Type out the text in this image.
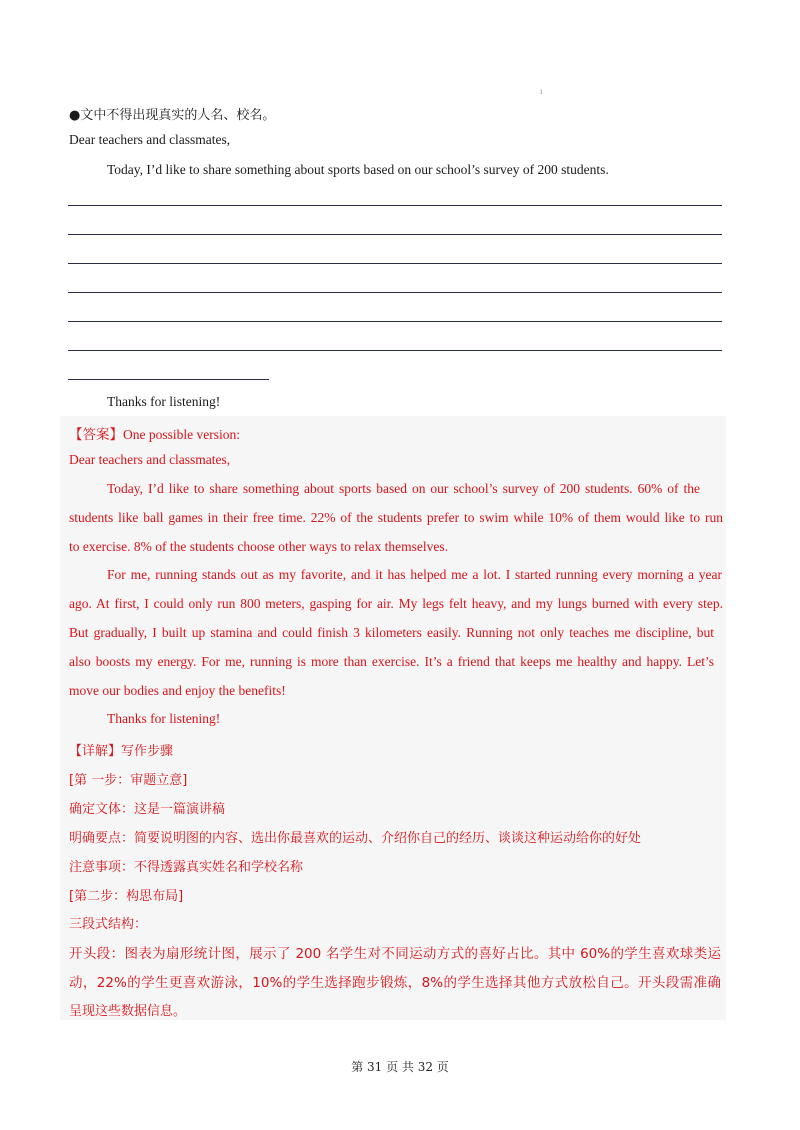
ı
●文中不得出现真实的人名、校名。
Dear teachers and classmates,
Today, I’d like to share something about sports based on our school’s survey of 200 students.
Thanks for listening!
【答案】One possible version:
Dear teachers and classmates,
Today, I’d like to share something about sports based on our school’s survey of 200 students. 60% of the
students like ball games in their free time. 22% of the students prefer to swim while 10% of them would like to run
to exercise. 8% of the students choose other ways to relax themselves.
For me, running stands out as my favorite, and it has helped me a lot. I started running every morning a year
ago. At first, I could only run 800 meters, gasping for air. My legs felt heavy, and my lungs burned with every step.
But gradually, I built up stamina and could finish 3 kilometers easily. Running not only teaches me discipline, but
also boosts my energy. For me, running is more than exercise. It’s a friend that keeps me healthy and happy. Let’s
move our bodies and enjoy the benefits!
Thanks for listening!
【详解】写作步骤
[第 一步：审题立意]
确定文体：这是一篇演讲稿
明确要点：简要说明图的内容、选出你最喜欢的运动、介绍你自己的经历、谈谈这种运动给你的好处
注意事项：不得透露真实姓名和学校名称
[第二步：构思布局]
三段式结构：
开头段：图表为扇形统计图，展示了 200 名学生对不同运动方式的喜好占比。其中 60%的学生喜欢球类运
动，22%的学生更喜欢游泳，10%的学生选择跑步锻炼，8%的学生选择其他方式放松自己。开头段需准确
呈现这些数据信息。
第 31 页 共 32 页
